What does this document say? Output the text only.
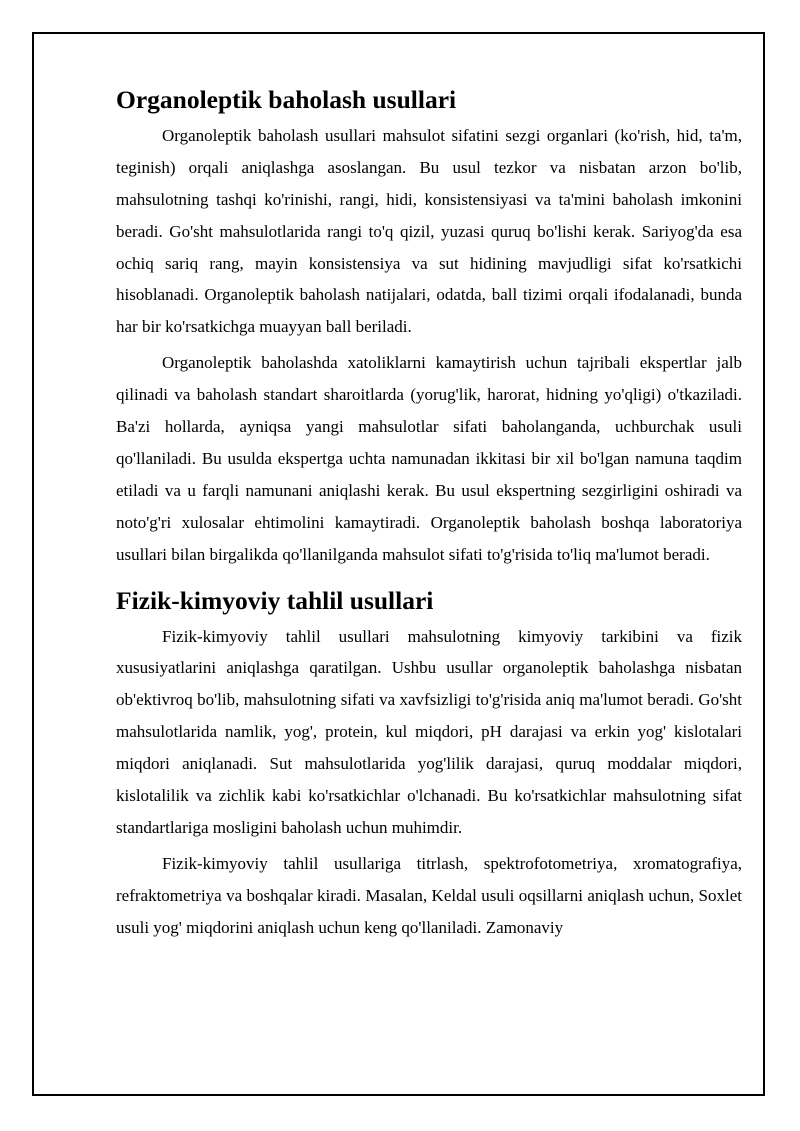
Organoleptik baholash usullari

Organoleptik baholash usullari mahsulot sifatini sezgi organlari (ko'rish, hid, ta'm, teginish) orqali aniqlashga asoslangan. Bu usul tezkor va nisbatan arzon bo'lib, mahsulotning tashqi ko'rinishi, rangi, hidi, konsistensiyasi va ta'mini baholash imkonini beradi. Go'sht mahsulotlarida rangi to'q qizil, yuzasi quruq bo'lishi kerak. Sariyog'da esa ochiq sariq rang, mayin konsistensiya va sut hidining mavjudligi sifat ko'rsatkichi hisoblanadi. Organoleptik baholash natijalari, odatda, ball tizimi orqali ifodalanadi, bunda har bir ko'rsatkichga muayyan ball beriladi.

Organoleptik baholashda xatoliklarni kamaytirish uchun tajribali ekspertlar jalb qilinadi va baholash standart sharoitlarda (yorug'lik, harorat, hidning yo'qligi) o'tkaziladi. Ba'zi hollarda, ayniqsa yangi mahsulotlar sifati baholanganda, uchburchak usuli qo'llaniladi. Bu usulda ekspertga uchta namunadan ikkitasi bir xil bo'lgan namuna taqdim etiladi va u farqli namunani aniqlashi kerak. Bu usul ekspertning sezgirligini oshiradi va noto'g'ri xulosalar ehtimolini kamaytiradi. Organoleptik baholash boshqa laboratoriya usullari bilan birgalikda qo'llanilganda mahsulot sifati to'g'risida to'liq ma'lumot beradi.

Fizik-kimyoviy tahlil usullari

Fizik-kimyoviy tahlil usullari mahsulotning kimyoviy tarkibini va fizik xususiyatlarini aniqlashga qaratilgan. Ushbu usullar organoleptik baholashga nisbatan ob'ektivroq bo'lib, mahsulotning sifati va xavfsizligi to'g'risida aniq ma'lumot beradi. Go'sht mahsulotlarida namlik, yog', protein, kul miqdori, pH darajasi va erkin yog' kislotalari miqdori aniqlanadi. Sut mahsulotlarida yog'lilik darajasi, quruq moddalar miqdori, kislotalilik va zichlik kabi ko'rsatkichlar o'lchanadi. Bu ko'rsatkichlar mahsulotning sifat standartlariga mosligini baholash uchun muhimdir.

Fizik-kimyoviy tahlil usullariga titrlash, spektrofotometriya, xromatografiya, refraktometriya va boshqalar kiradi. Masalan, Keldal usuli oqsillarni aniqlash uchun, Soxlet usuli yog' miqdorini aniqlash uchun keng qo'llaniladi. Zamonaviy
